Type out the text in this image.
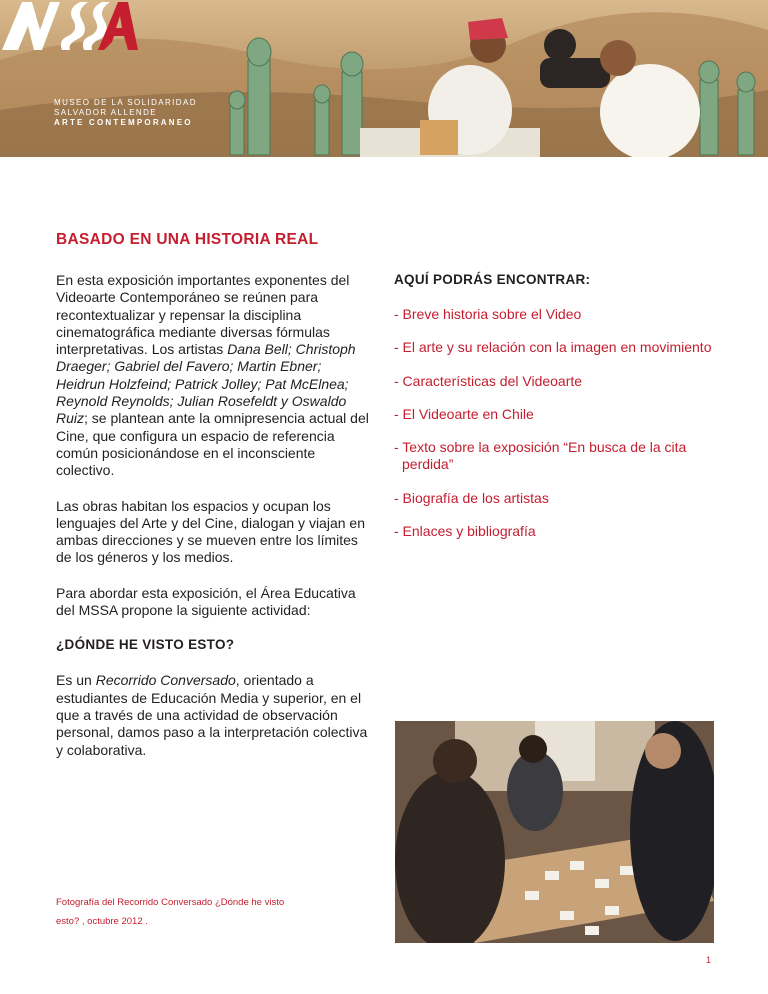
MUSEO DE LA SOLIDARIDAD
SALVADOR ALLENDE
ARTE CONTEMPORANEO
BASADO EN UNA HISTORIA REAL

En esta exposición importantes exponentes del Videoarte Contemporáneo se reúnen para recontextualizar y repensar la disciplina cinematográfica mediante diversas fórmulas interpretativas. Los artistas Dana Bell; Christoph Draeger; Gabriel del Favero; Martin Ebner; Heidrun Holzfeind; Patrick Jolley; Pat McElnea; Reynold Reynolds; Julian Rosefeldt y Oswaldo Ruiz; se plantean ante la omnipresencia actual del Cine, que configura un espacio de referencia común posicionándose en el inconsciente colectivo.

Las obras habitan los espacios y ocupan los lenguajes del Arte y del Cine, dialogan y viajan en ambas direcciones y se mueven entre los límites de los géneros y los medios.

Para abordar esta exposición, el Área Educativa del MSSA propone la siguiente actividad:

¿DÓNDE HE VISTO ESTO?

Es un Recorrido Conversado, orientado a estudiantes de Educación Media y superior, en el que a través de una actividad de observación personal, damos paso a la interpretación colectiva y colaborativa.

AQUÍ PODRÁS ENCONTRAR:

- Breve historia sobre el Video
- El arte y su relación con la imagen en movimiento
- Características del Videoarte
- El Videoarte en Chile
- Texto sobre la exposición “En busca de la cita perdida”
- Biografía de los artistas
- Enlaces y bibliografía
Fotografía del Recorrido Conversado ¿Dónde he visto esto? , octubre 2012 .
1
